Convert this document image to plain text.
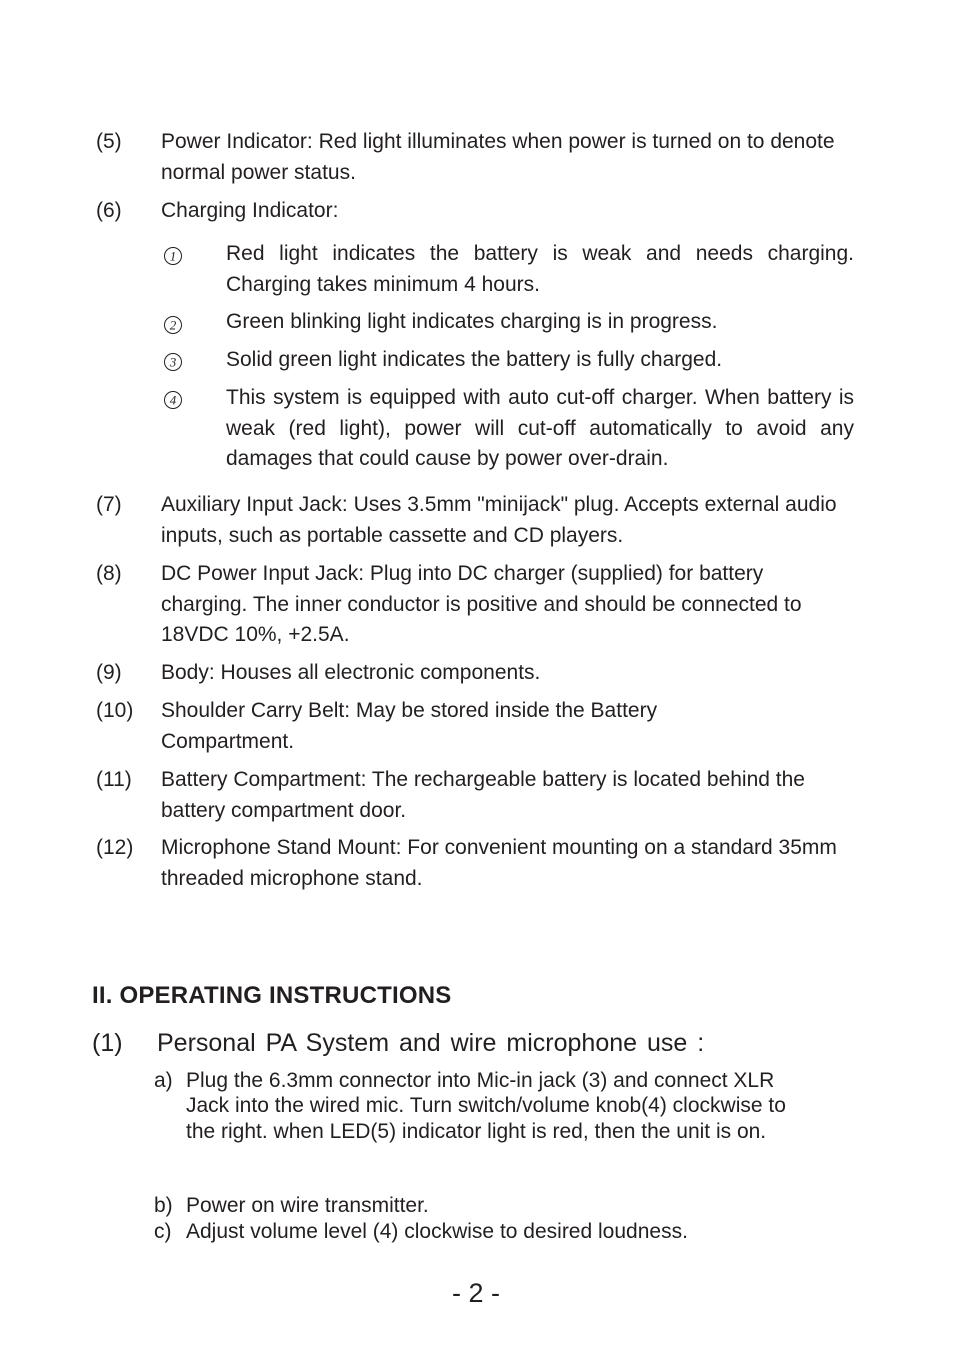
(5) Power Indicator: Red light illuminates when power is turned on to denote normal power status.
(6) Charging Indicator:
1 Red light indicates the battery is weak and needs charging. Charging takes minimum 4 hours.
2 Green blinking light indicates charging is in progress.
3 Solid green light indicates the battery is fully charged.
4 This system is equipped with auto cut-off charger. When battery is weak (red light), power will cut-off automatically to avoid any damages that could cause by power over-drain.
(7) Auxiliary Input Jack: Uses 3.5mm "minijack" plug. Accepts external audio inputs, such as portable cassette and CD players.
(8) DC Power Input Jack: Plug into DC charger (supplied) for battery charging. The inner conductor is positive and should be connected to 18VDC 10%, +2.5A.
(9) Body: Houses all electronic components.
(10) Shoulder Carry Belt: May be stored inside the Battery Compartment.
(11) Battery Compartment: The rechargeable battery is located behind the battery compartment door.
(12) Microphone Stand Mount: For convenient mounting on a standard 35mm threaded microphone stand.
II. OPERATING INSTRUCTIONS
(1) Personal PA System and wire microphone use :
a) Plug the 6.3mm connector into Mic-in jack (3) and connect XLR Jack into the wired mic. Turn switch/volume knob(4) clockwise to the right. when LED(5) indicator light is red, then the unit is on.
b) Power on wire transmitter.
c) Adjust volume level (4) clockwise to desired loudness.
- 2 -
